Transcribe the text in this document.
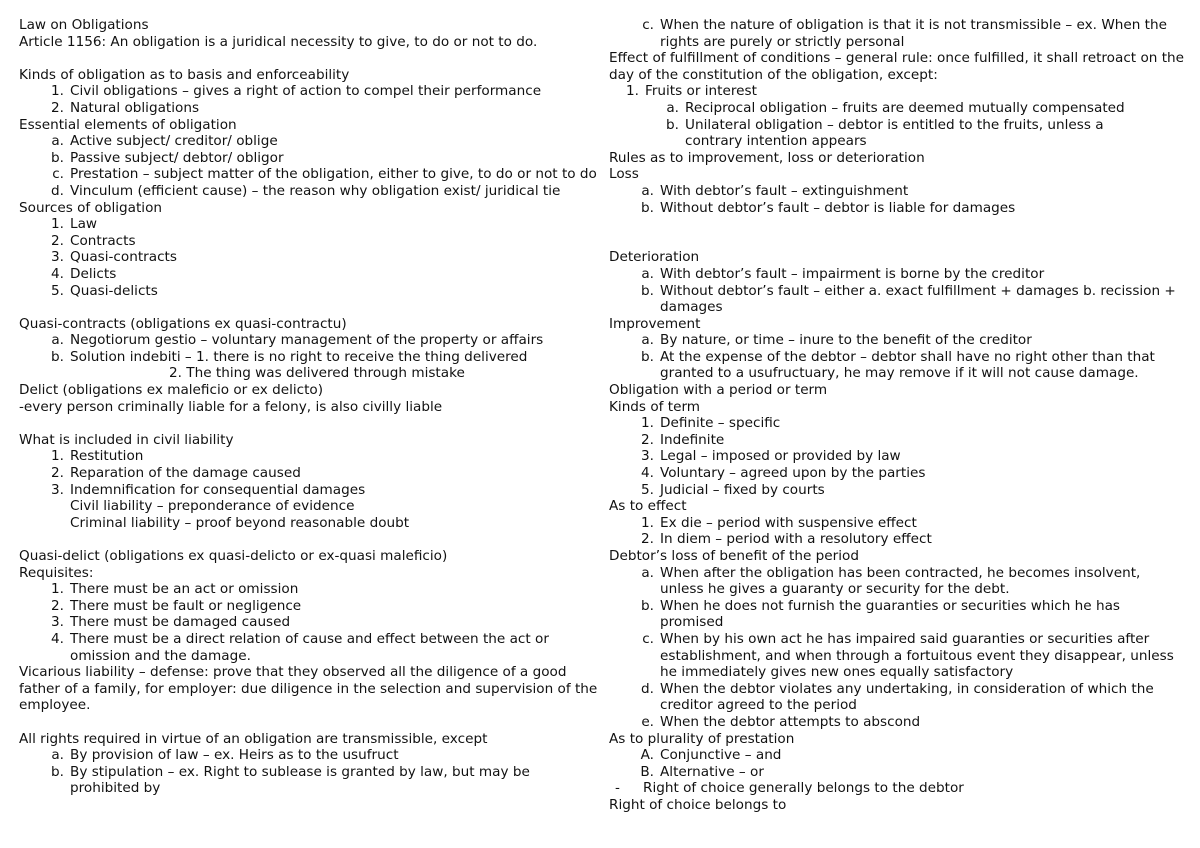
Law on Obligations
Article 1156: An obligation is a juridical necessity to give, to do or not to do.
Kinds of obligation as to basis and enforceability
1. Civil obligations – gives a right of action to compel their performance
2. Natural obligations
Essential elements of obligation
a. Active subject/ creditor/ oblige
b. Passive subject/ debtor/ obligor
c. Prestation – subject matter of the obligation, either to give, to do or not to do
d. Vinculum (efficient cause) – the reason why obligation exist/ juridical tie
Sources of obligation
1. Law
2. Contracts
3. Quasi-contracts
4. Delicts
5. Quasi-delicts
Quasi-contracts (obligations ex quasi-contractu)
a. Negotiorum gestio – voluntary management of the property or affairs
b. Solution indebiti – 1. there is no right to receive the thing delivered
2. The thing was delivered through mistake
Delict (obligations ex maleficio or ex delicto)
-every person criminally liable for a felony, is also civilly liable
What is included in civil liability
1. Restitution
2. Reparation of the damage caused
3. Indemnification for consequential damages
Civil liability – preponderance of evidence
Criminal liability – proof beyond reasonable doubt
Quasi-delict (obligations ex quasi-delicto or ex-quasi maleficio)
Requisites:
1. There must be an act or omission
2. There must be fault or negligence
3. There must be damaged caused
4. There must be a direct relation of cause and effect between the act or omission and the damage.
Vicarious liability – defense: prove that they observed all the diligence of a good father of a family, for employer: due diligence in the selection and supervision of the employee.
All rights required in virtue of an obligation are transmissible, except
a. By provision of law – ex. Heirs as to the usufruct
b. By stipulation – ex. Right to sublease is granted by law, but may be prohibited by
c. When the nature of obligation is that it is not transmissible – ex. When the rights are purely or strictly personal
Effect of fulfillment of conditions – general rule: once fulfilled, it shall retroact on the day of the constitution of the obligation, except:
1. Fruits or interest
a. Reciprocal obligation – fruits are deemed mutually compensated
b. Unilateral obligation – debtor is entitled to the fruits, unless a contrary intention appears
Rules as to improvement, loss or deterioration
Loss
a. With debtor’s fault – extinguishment
b. Without debtor’s fault – debtor is liable for damages
Deterioration
a. With debtor’s fault – impairment is borne by the creditor
b. Without debtor’s fault – either a. exact fulfillment + damages b. recission + damages
Improvement
a. By nature, or time – inure to the benefit of the creditor
b. At the expense of the debtor – debtor shall have no right other than that granted to a usufructuary, he may remove if it will not cause damage.
Obligation with a period or term
Kinds of term
1. Definite – specific
2. Indefinite
3. Legal – imposed or provided by law
4. Voluntary – agreed upon by the parties
5. Judicial – fixed by courts
As to effect
1. Ex die – period with suspensive effect
2. In diem – period with a resolutory effect
Debtor’s loss of benefit of the period
a. When after the obligation has been contracted, he becomes insolvent, unless he gives a guaranty or security for the debt.
b. When he does not furnish the guaranties or securities which he has promised
c. When by his own act he has impaired said guaranties or securities after establishment, and when through a fortuitous event they disappear, unless he immediately gives new ones equally satisfactory
d. When the debtor violates any undertaking, in consideration of which the creditor agreed to the period
e. When the debtor attempts to abscond
As to plurality of prestation
A. Conjunctive – and
B. Alternative – or
-	Right of choice generally belongs to the debtor
Right of choice belongs to
